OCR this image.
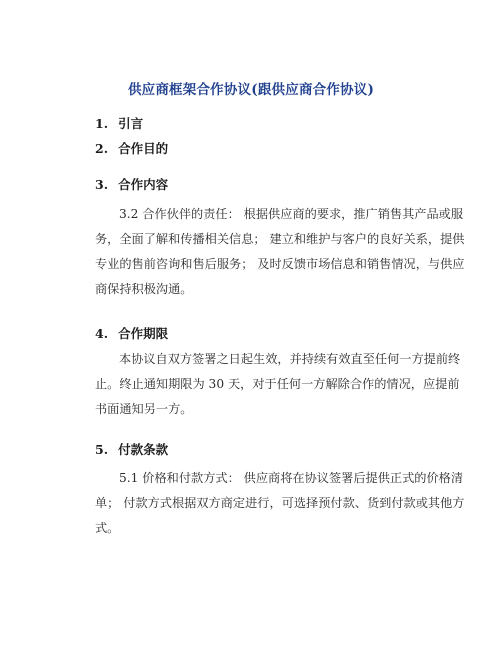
供应商框架合作协议(跟供应商合作协议)
1. 引言
2. 合作目的
3. 合作内容
3.2 合作伙伴的责任： 根据供应商的要求，推广销售其产品或服
务，全面了解和传播相关信息； 建立和维护与客户的良好关系，提供
专业的售前咨询和售后服务； 及时反馈市场信息和销售情况，与供应
商保持积极沟通。
4. 合作期限
本协议自双方签署之日起生效，并持续有效直至任何一方提前终
止。终止通知期限为 30 天，对于任何一方解除合作的情况，应提前
书面通知另一方。
5. 付款条款
5.1 价格和付款方式： 供应商将在协议签署后提供正式的价格清
单； 付款方式根据双方商定进行，可选择预付款、货到付款或其他方
式。
